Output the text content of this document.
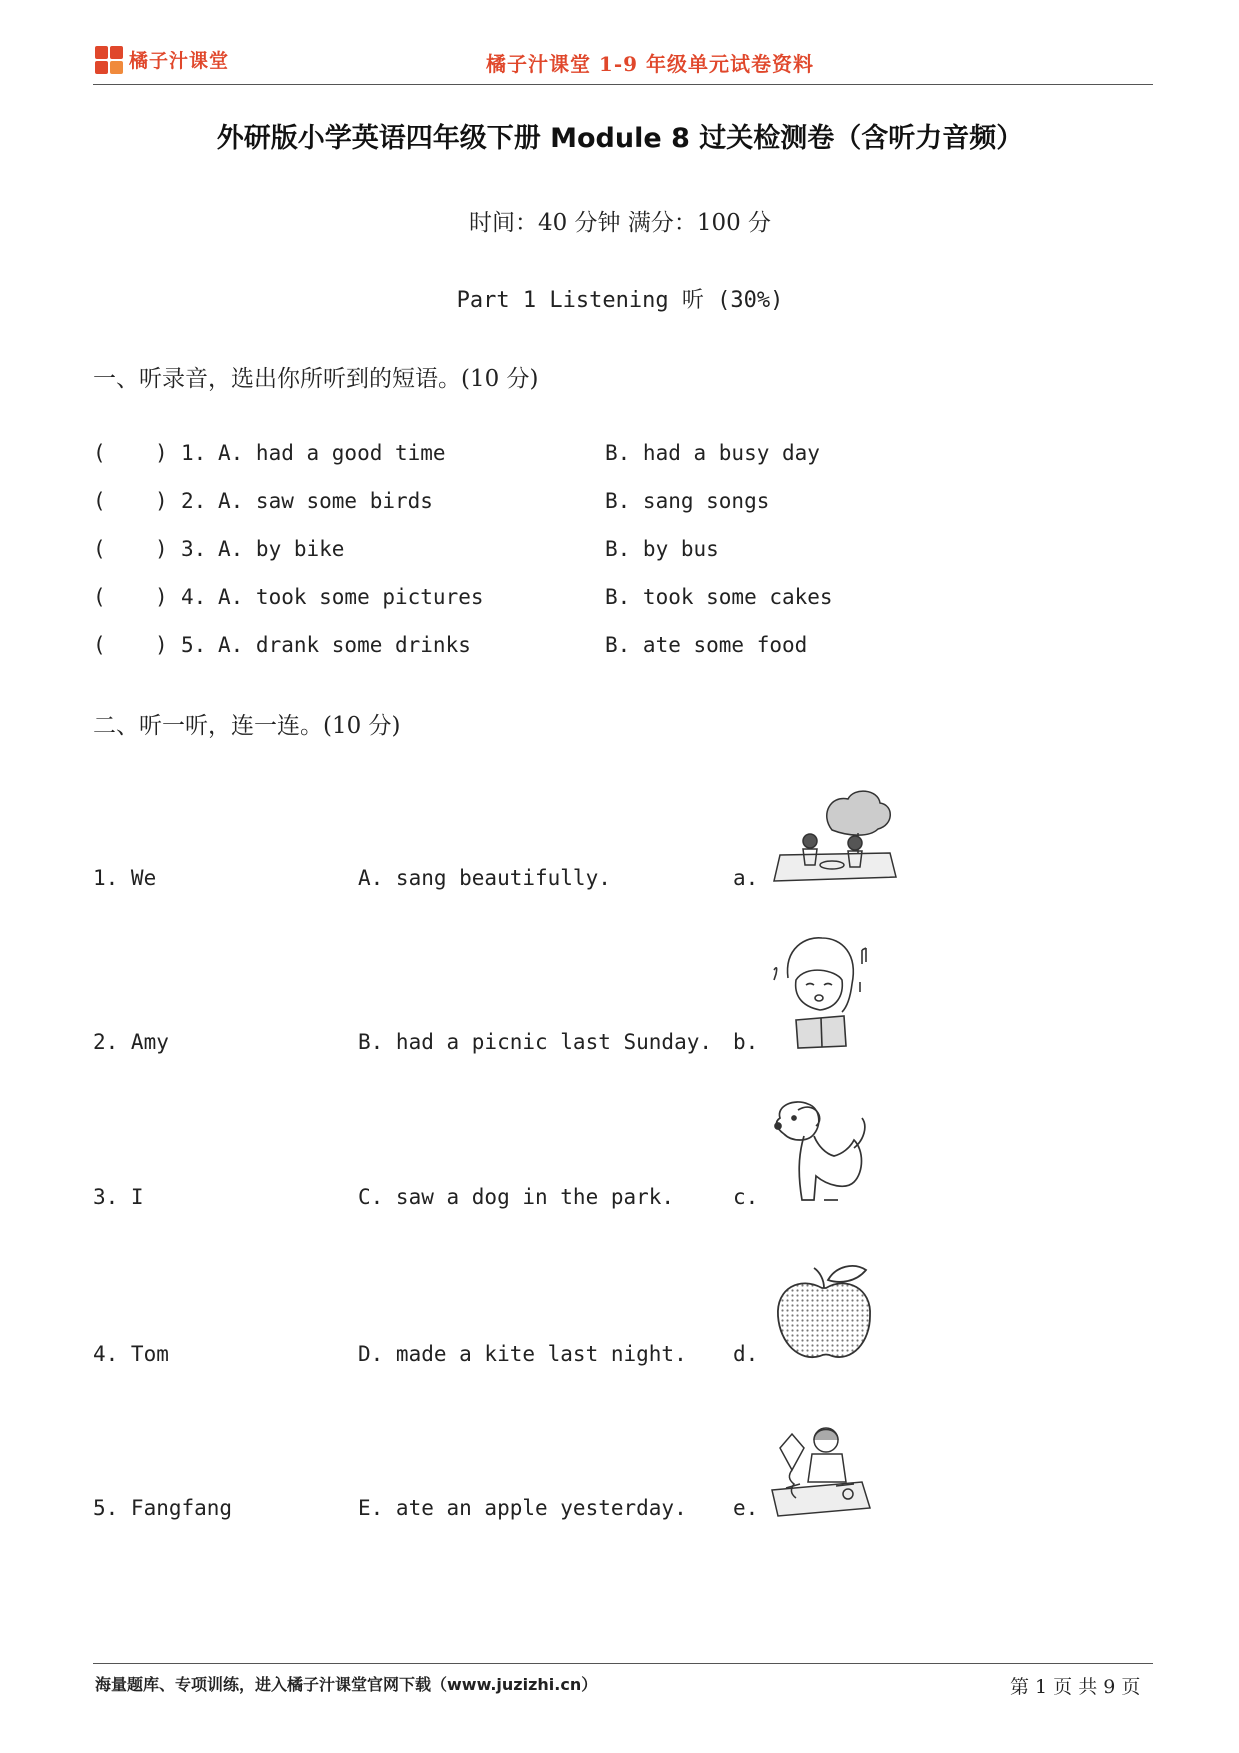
橘子汁课堂	橘子汁课堂 1-9 年级单元试卷资料
外研版小学英语四年级下册 Module 8 过关检测卷（含听力音频）
时间：40 分钟 满分：100 分
Part 1 Listening 听 (30%)
一、听录音，选出你所听到的短语。(10 分)
( ) 1. A. had a good time	B. had a busy day
( ) 2. A. saw some birds	B. sang songs
( ) 3. A. by bike	B. by bus
( ) 4. A. took some pictures	B. took some cakes
( ) 5. A. drank some drinks	B. ate some food
二、听一听，连一连。(10 分)
1. We	A. sang beautifully.	a.
2. Amy	B. had a picnic last Sunday. b.
3. I	C. saw a dog in the park.	c.
4. Tom	D. made a kite last night. d.
5. Fangfang	E. ate an apple yesterday. e.
海量题库、专项训练，进入橘子汁课堂官网下载（www.juzizhi.cn）	第 1 页 共 9 页
